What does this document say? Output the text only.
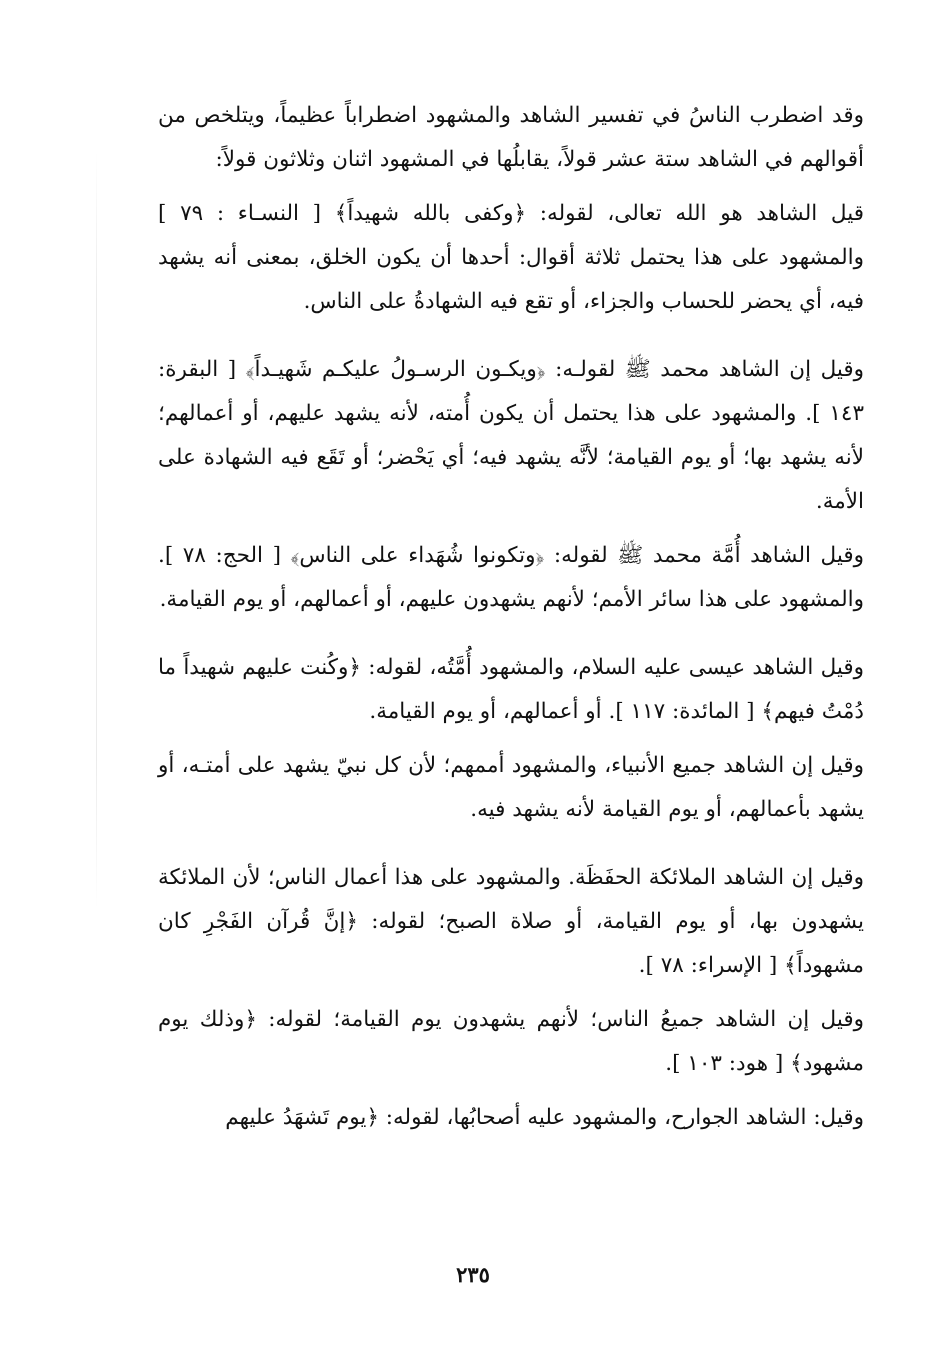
وقد اضطرب الناسُ في تفسير الشاهد والمشهود اضطراباً عظيماً، ويتلخص من أقوالهم في الشاهد ستة عشر قولاً، يقابلُها في المشهود اثنان وثلاثون قولاً:

قيل الشاهد هو الله تعالى، لقوله: ﴿وكفى بالله شهيداً﴾ [ النسـاء : ٧٩ ] والمشهود على هذا يحتمل ثلاثة أقوال: أحدها أن يكون الخلق، بمعنى أنه يشهد فيه، أي يحضر للحساب والجزاء، أو تقع فيه الشهادةُ على الناس.

وقيل إن الشاهد محمد ﷺ لقولـه: ﴿ويكـون الرسـولُ عليكـم شَهيـداً﴾ [ البقرة: ١٤٣ ]. والمشهود على هذا يحتمل أن يكون أُمته، لأنه يشهد عليهم، أو أعمالهم؛ لأنه يشهد بها؛ أو يوم القيامة؛ لأنَّه يشهد فيه؛ أي يَحْضر؛ أو تَقَع فيه الشهادة على الأمة.

وقيل الشاهد أُمَّة محمد ﷺ لقوله: ﴿وتكونوا شُهَداء على الناس﴾ [ الحج: ٧٨ ]. والمشهود على هذا سائر الأمم؛ لأنهم يشهدون عليهم، أو أعمالهم، أو يوم القيامة.

وقيل الشاهد عيسى عليه السلام، والمشهود أُمَّتُه، لقوله: ﴿وكُنت عليهم شهيداً ما دُمْتُ فيهم﴾ [ المائدة: ١١٧ ]. أو أعمالهم، أو يوم القيامة.

وقيل إن الشاهد جميع الأنبياء، والمشهود أممهم؛ لأن كل نبيّ يشهد على أمتـه، أو يشهد بأعمالهم، أو يوم القيامة لأنه يشهد فيه.

وقيل إن الشاهد الملائكة الحفَظَة. والمشهود على هذا أعمال الناس؛ لأن الملائكة يشهدون بها، أو يوم القيامة، أو صلاة الصبح؛ لقوله: ﴿إنَّ قُرآن الفَجْرِ كان مشهوداً﴾ [ الإسراء: ٧٨ ].

وقيل إن الشاهد جميعُ الناس؛ لأنهم يشهدون يوم القيامة؛ لقوله: ﴿وذلك يوم مشهود﴾ [ هود: ١٠٣ ].

وقيل: الشاهد الجوارح، والمشهود عليه أصحابُها، لقوله: ﴿يوم تَشهَدُ عليهم

٢٣٥
